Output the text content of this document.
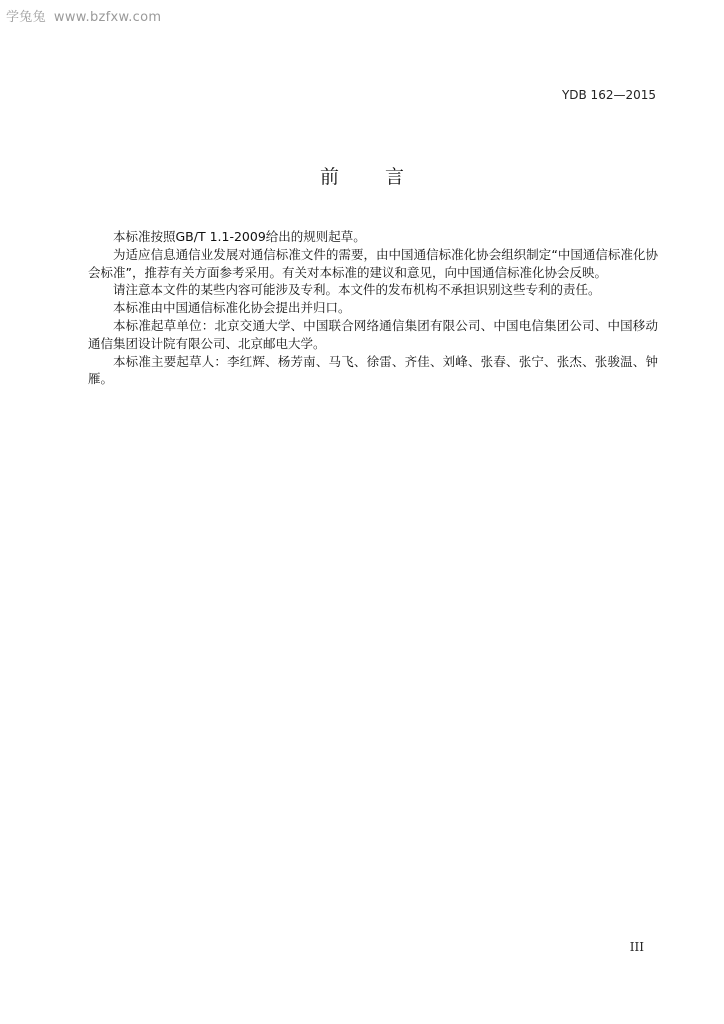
学兔兔 www.bzfxw.com
YDB 162—2015
前 言

本标准按照GB/T 1.1-2009给出的规则起草。

为适应信息通信业发展对通信标准文件的需要，由中国通信标准化协会组织制定“中国通信标准化协会标准”，推荐有关方面参考采用。有关对本标准的建议和意见，向中国通信标准化协会反映。

请注意本文件的某些内容可能涉及专利。本文件的发布机构不承担识别这些专利的责任。

本标准由中国通信标准化协会提出并归口。

本标准起草单位：北京交通大学、中国联合网络通信集团有限公司、中国电信集团公司、中国移动通信集团设计院有限公司、北京邮电大学。

本标准主要起草人：李红辉、杨芳南、马飞、徐雷、齐佳、刘峰、张春、张宁、张杰、张骏温、钟雁。

III
